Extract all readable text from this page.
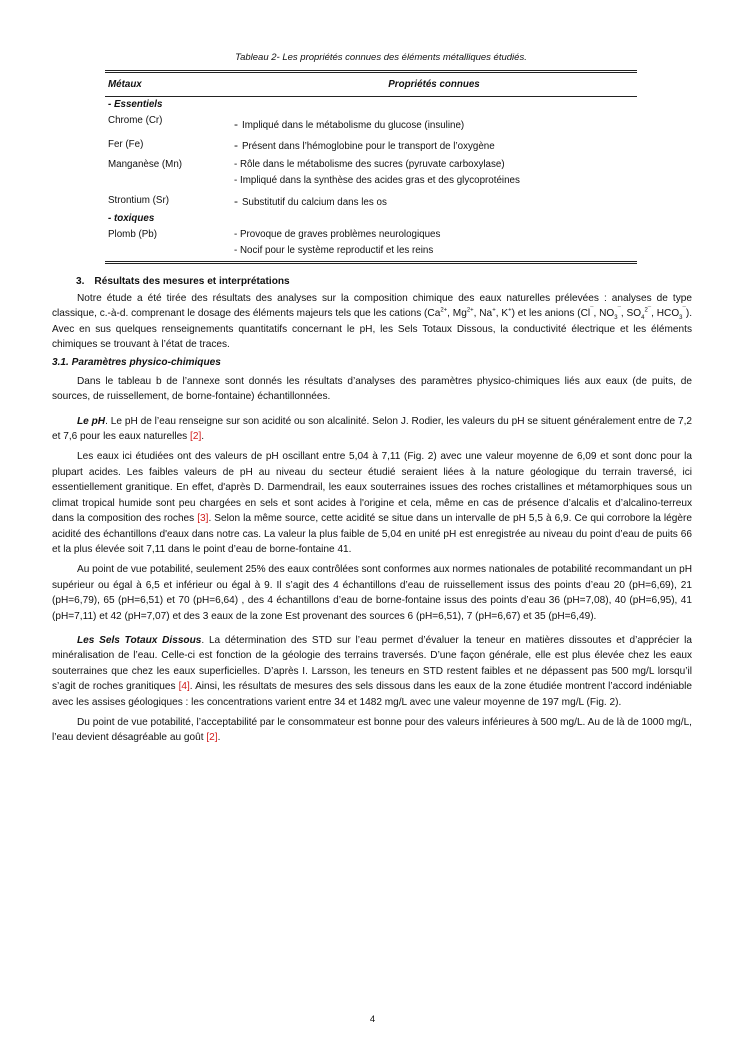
Tableau 2- Les propriétés connues des éléments métalliques étudiés.
Métaux	Propriétés connues
- Essentiels	
Chrome (Cr)	- Impliqué dans le métabolisme du glucose (insuline)
Fer (Fe)	- Présent dans l’hémoglobine pour le transport de l’oxygène
Manganèse (Mn)	- Rôle dans le métabolisme des sucres (pyruvate carboxylase)
- Impliqué dans la synthèse des acides gras et des glycoprotéines

Strontium (Sr)	- Substitutif du calcium dans les os
- toxiques	
Plomb (Pb)	- Provoque de graves problèmes neurologiques
- Nocif pour le système reproductif et les reins
3. Résultats des mesures et interprétations

Notre étude a été tirée des résultats des analyses sur la composition chimique des eaux naturelles prélevées : analyses de type classique, c.-à-d. comprenant le dosage des éléments majeurs tels que les cations ($Ca^{2+}$, $Mg^{2+}$, Na+, K+) et les anions (Cl¯, $NO_3^¯$, $SO_4^{2¯}$, $HCO_3^¯$). Avec en sus quelques renseignements quantitatifs concernant le pH, les Sels Totaux Dissous, la conductivité électrique et les éléments chimiques se trouvant à l’état de traces.

3.1. Paramètres physico-chimiques

Dans le tableau b de l’annexe sont donnés les résultats d’analyses des paramètres physico-chimiques liés aux eaux (de puits, de sources, de ruissellement, de borne-fontaine) échantillonnées.

Le pH. Le pH de l’eau renseigne sur son acidité ou son alcalinité. Selon J. Rodier, les valeurs du pH se situent généralement entre de 7,2 et 7,6 pour les eaux naturelles [2].

Les eaux ici étudiées ont des valeurs de pH oscillant entre 5,04 à 7,11 (Fig. 2) avec une valeur moyenne de 6,09 et sont donc pour la plupart acides. Les faibles valeurs de pH au niveau du secteur étudié seraient liées à la nature géologique du terrain traversé, ici essentiellement granitique. En effet, d'après D. Darmendrail, les eaux souterraines issues des roches cristallines et métamorphiques sous un climat tropical humide sont peu chargées en sels et sont acides à l'origine et cela, même en cas de présence d’alcalis et d’alcalino-terreux dans la composition des roches [3]. Selon la même source, cette acidité se situe dans un intervalle de pH 5,5 à 6,9. Ce qui corrobore la légère acidité des échantillons d'eaux dans notre cas. La valeur la plus faible de 5,04 en unité pH est enregistrée au niveau du point d’eau de puits 66 et la plus élevée soit 7,11 dans le point d’eau de borne-fontaine 41.

Au point de vue potabilité, seulement 25% des eaux contrôlées sont conformes aux normes nationales de potabilité recommandant un pH supérieur ou égal à 6,5 et inférieur ou égal à 9. Il s’agit des 4 échantillons d’eau de ruissellement issus des points d’eau 20 (pH=6,69), 21 (pH=6,79), 65 (pH=6,51) et 70 (pH=6,64) , des 4 échantillons d’eau de borne-fontaine issus des points d’eau 36 (pH=7,08), 40 (pH=6,95), 41 (pH=7,11) et 42 (pH=7,07) et des 3 eaux de la zone Est provenant des sources 6 (pH=6,51), 7 (pH=6,67) et 35 (pH=6,49).

Les Sels Totaux Dissous. La détermination des STD sur l’eau permet d’évaluer la teneur en matières dissoutes et d’apprécier la minéralisation de l’eau. Celle-ci est fonction de la géologie des terrains traversés. D’une façon générale, elle est plus élevée chez les eaux souterraines que chez les eaux superficielles. D’après I. Larsson, les teneurs en STD restent faibles et ne dépassent pas 500 mg/L lorsqu’il s’agit de roches granitiques [4]. Ainsi, les résultats de mesures des sels dissous dans les eaux de la zone étudiée montrent l’accord indéniable avec les assises géologiques : les concentrations varient entre 34 et 1482 mg/L avec une valeur moyenne de 197 mg/L (Fig. 2).

Du point de vue potabilité, l’acceptabilité par le consommateur est bonne pour des valeurs inférieures à 500 mg/L. Au de là de 1000 mg/L, l’eau devient désagréable au goût [2].

4
